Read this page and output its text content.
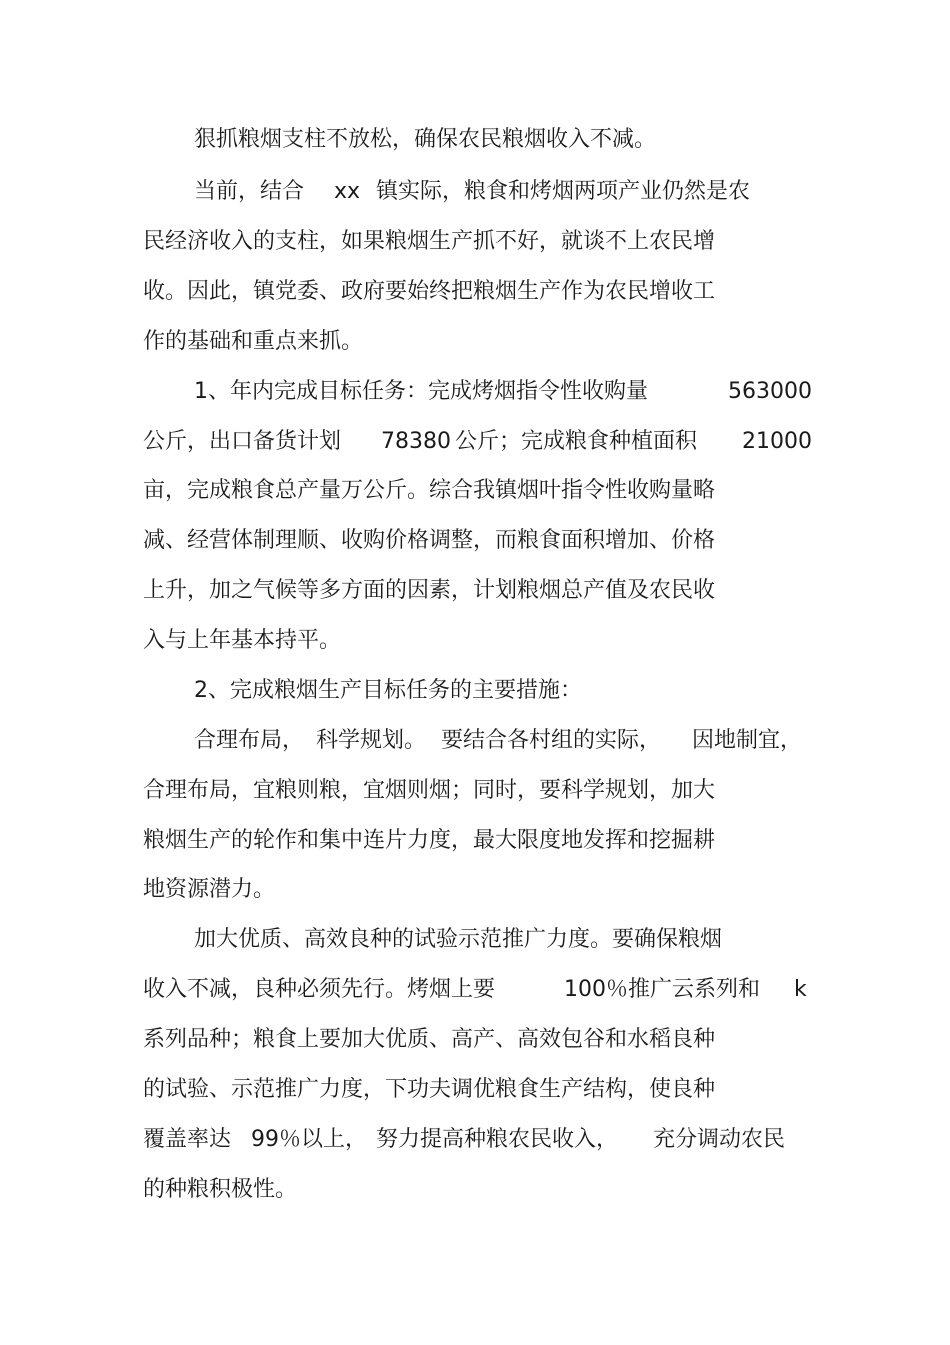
狠抓粮烟支柱不放松，确保农民粮烟收入不减。
当前，结合 xx 镇实际，粮食和烤烟两项产业仍然是农
民经济收入的支柱，如果粮烟生产抓不好，就谈不上农民增
收。因此，镇党委、政府要始终把粮烟生产作为农民增收工
作的基础和重点来抓。
1、年内完成目标任务：完成烤烟指令性收购量	563000
公斤，出口备货计划 78380 公斤；完成粮食种植面积 21000
亩，完成粮食总产量万公斤。综合我镇烟叶指令性收购量略
减、经营体制理顺、收购价格调整，而粮食面积增加、价格
上升，加之气候等多方面的因素，计划粮烟总产值及农民收
入与上年基本持平。
2、完成粮烟生产目标任务的主要措施：
合理布局， 科学规划。 要结合各村组的实际， 因地制宜，
合理布局，宜粮则粮，宜烟则烟；同时，要科学规划，加大
粮烟生产的轮作和集中连片力度，最大限度地发挥和挖掘耕
地资源潜力。
加大优质、高效良种的试验示范推广力度。要确保粮烟
收入不减，良种必须先行。烤烟上要	100％推广云系列和 k
系列品种；粮食上要加大优质、高产、高效包谷和水稻良种
的试验、示范推广力度，下功夫调优粮食生产结构，使良种
覆盖率达 99％以上， 努力提高种粮农民收入， 充分调动农民
的种粮积极性。
